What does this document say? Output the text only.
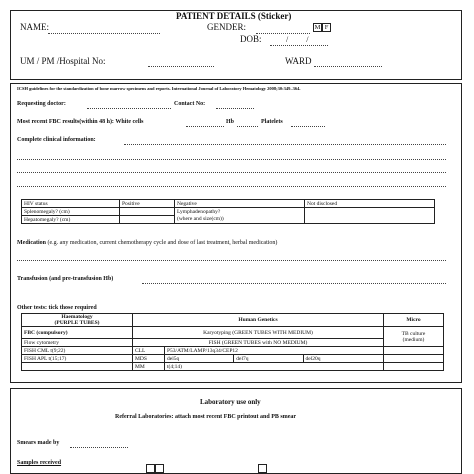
PATIENT DETAILS (Sticker)
NAME:	GENDER:	M F
DOB:	/ /
UM / PM /Hospital No:	WARD
ICSH guidelines for the standardization of bone marrow specimens and reports. International Journal of Laboratory Hematology 2008;30:349–364.
Requesting doctor:	Contact No:
Most recent FBC results(within 48 h): White cells	Hb	Platelets
Complete clinical information:
HIV status	Positive	Negative	Not disclosed
Splenomegaly? (cm)		Lymphadenopathy?
(where and size(cm))	
Hepatomegaly? (cm)			
Medication (e.g. any medication, current chemotherapy cycle and dose of last treatment, herbal medication)
Transfusion (and pre-transfusion Hb)
Other tests: tick those required
Haematology
(PURPLE TUBES)	Human Genetics				Micro
FBC (compulsory)	Karyotyping (GREEN TUBES WITH MEDIUM)				TB culture
(medium)
Flow cytometry	FISH (GREEN TUBES with NO MEDIUM)				
FISH CML t(9;22)	CLL	P53/ATM/LAMP/13q34/CEP12			
FISH APL t(15;17)	MDS	del5q	del7q	del20q	
	MM	t(4;14)			
Laboratory use only
Referral Laboratories: attach most recent FBC printout and PB smear
Smears made by
Samples received
